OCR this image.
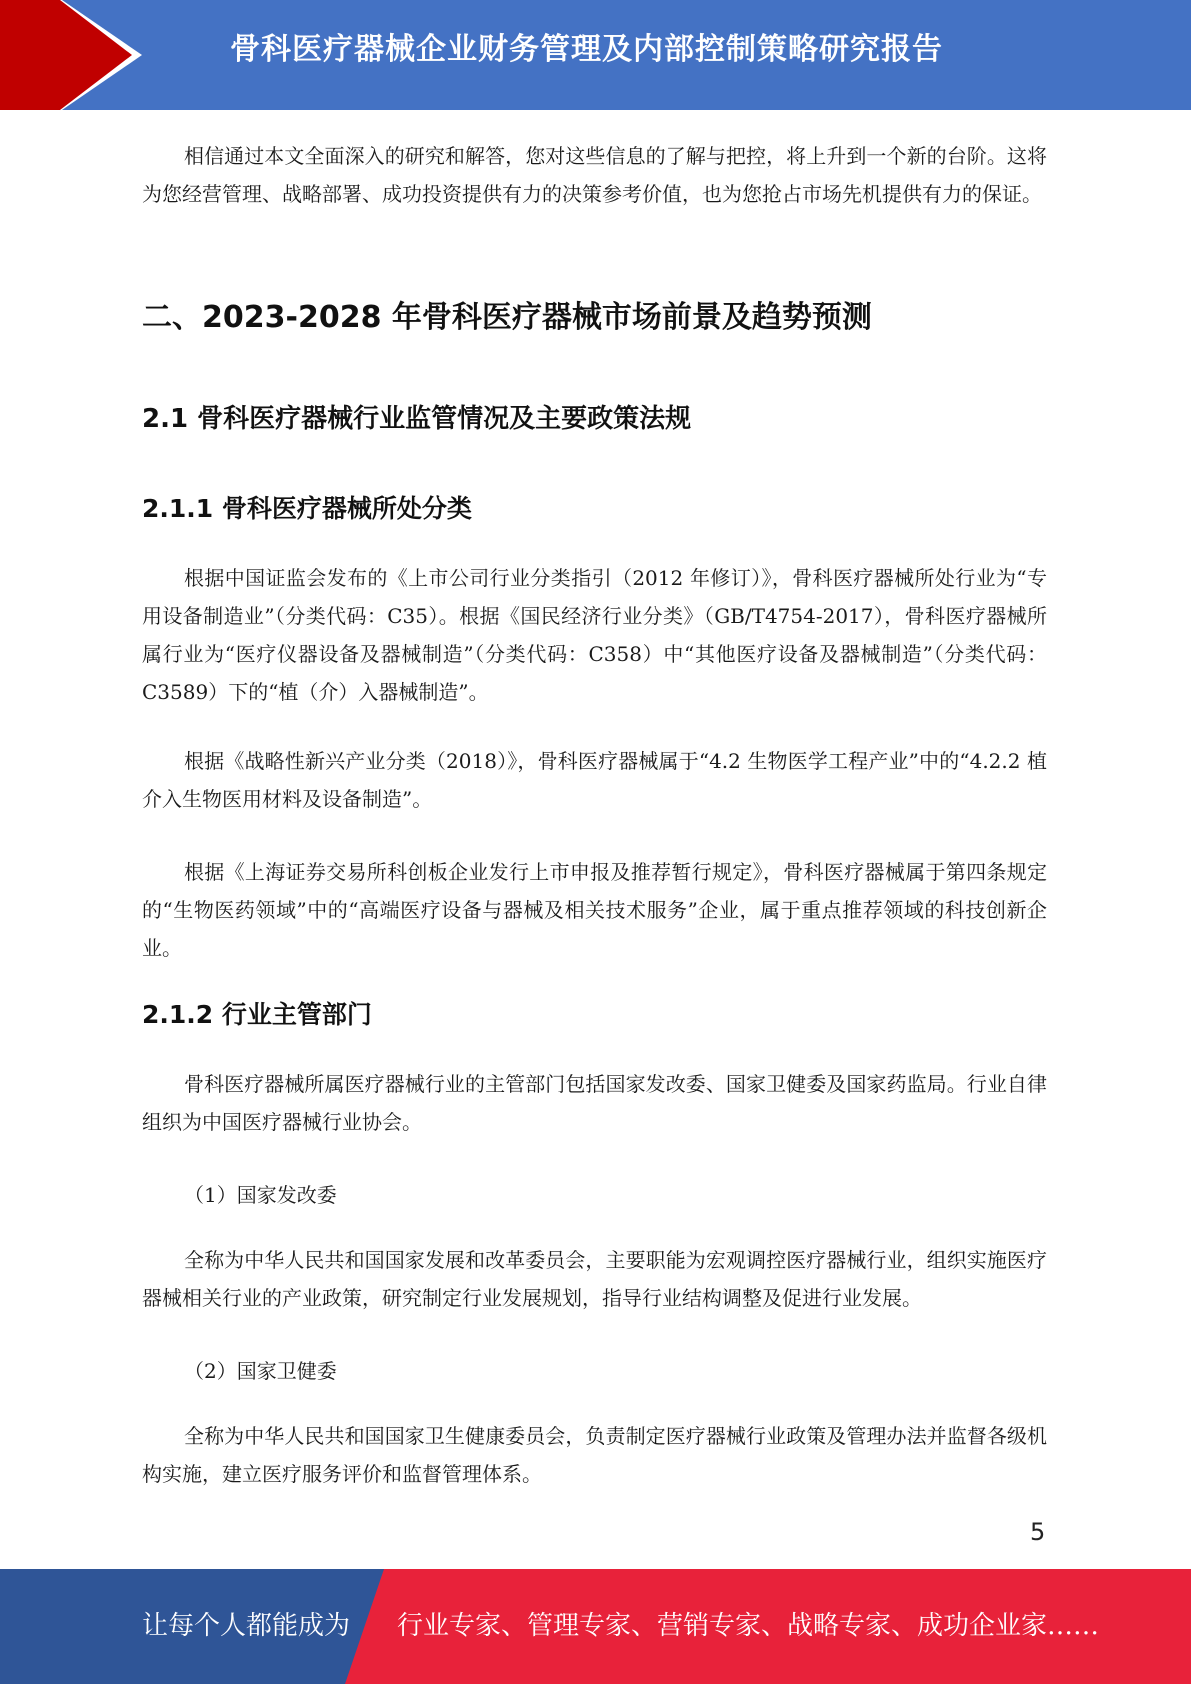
骨科医疗器械企业财务管理及内部控制策略研究报告

相信通过本文全面深入的研究和解答，您对这些信息的了解与把控，将上升到一个新的台阶。这将为您经营管理、战略部署、成功投资提供有力的决策参考价值，也为您抢占市场先机提供有力的保证。

二、2023-2028 年骨科医疗器械市场前景及趋势预测
2.1 骨科医疗器械行业监管情况及主要政策法规
2.1.1 骨科医疗器械所处分类

根据中国证监会发布的《上市公司行业分类指引（2012 年修订）》，骨科医疗器械所处行业为“专用设备制造业”（分类代码：C35）。根据《国民经济行业分类》（GB/T4754-2017），骨科医疗器械所属行业为“医疗仪器设备及器械制造”（分类代码：C358）中“其他医疗设备及器械制造”（分类代码：C3589）下的“植（介）入器械制造”。

根据《战略性新兴产业分类（2018）》，骨科医疗器械属于“4.2 生物医学工程产业”中的“4.2.2 植介入生物医用材料及设备制造”。

根据《上海证券交易所科创板企业发行上市申报及推荐暂行规定》，骨科医疗器械属于第四条规定的“生物医药领域”中的“高端医疗设备与器械及相关技术服务”企业，属于重点推荐领域的科技创新企业。

2.1.2 行业主管部门

骨科医疗器械所属医疗器械行业的主管部门包括国家发改委、国家卫健委及国家药监局。行业自律组织为中国医疗器械行业协会。

（1）国家发改委

全称为中华人民共和国国家发展和改革委员会，主要职能为宏观调控医疗器械行业，组织实施医疗器械相关行业的产业政策，研究制定行业发展规划，指导行业结构调整及促进行业发展。

（2）国家卫健委

全称为中华人民共和国国家卫生健康委员会，负责制定医疗器械行业政策及管理办法并监督各级机构实施，建立医疗服务评价和监督管理体系。

5
让每个人都能成为 行业专家、管理专家、营销专家、战略专家、成功企业家……
